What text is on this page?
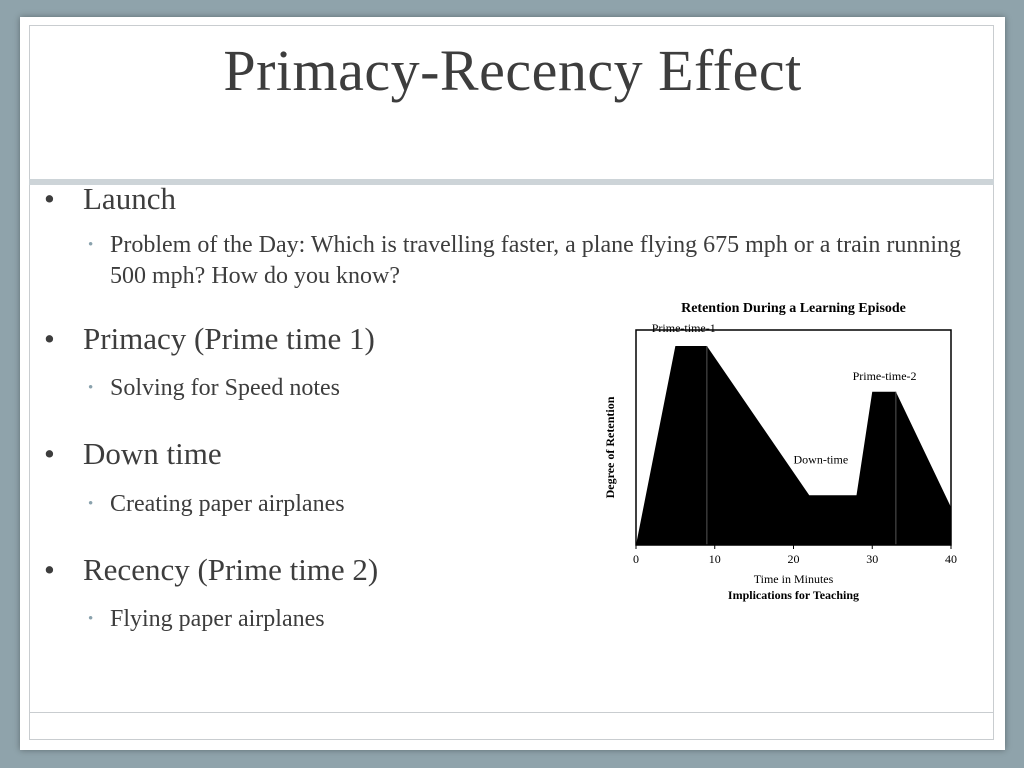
Primacy-Recency Effect
• Launch
• Problem of the Day: Which is travelling faster, a plane flying 675 mph or a train running 500 mph? How do you know?
• Primacy (Prime time 1)
• Solving for Speed notes
• Down time
• Creating paper airplanes
• Recency (Prime time 2)
• Flying paper airplanes
Retention During a Learning Episode
0	10	20	30	40
Prime-time-1
Prime-time-2
Down-time
Time in Minutes
Implications for Teaching
Degree of Retention
